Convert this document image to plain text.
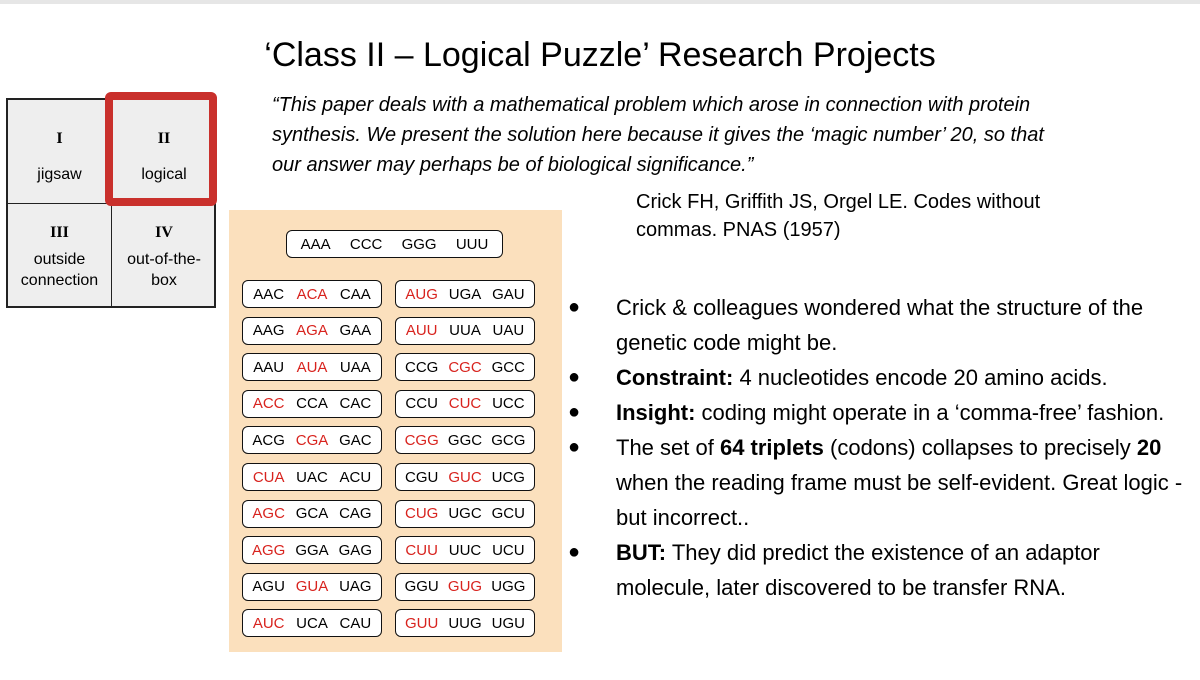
‘Class II – Logical Puzzle’ Research Projects
I
jigsaw
II
logical
III
outside
connection
IV
out-of-the-
box
“This paper deals with a mathematical problem which arose in connection with protein
synthesis. We present the solution here because it gives the ‘magic number’ 20, so that
our answer may perhaps be of biological significance.”
Crick FH, Griffith JS, Orgel LE. Codes without
commas. PNAS (1957)
AAA CCC GGG UUU
AAC ACA CAA
AAG AGA GAA
AAU AUA UAA
ACC CCA CAC
ACG CGA GAC
CUA UAC ACU
AGC GCA CAG
AGG GGA GAG
AGU GUA UAG
AUC UCA CAU
AUG UGA GAU
AUU UUA UAU
CCG CGC GCC
CCU CUC UCC
CGG GGC GCG
CGU GUC UCG
CUG UGC GCU
CUU UUC UCU
GGU GUG UGG
GUU UUG UGU
● Crick & colleagues wondered what the structure of the genetic code might be.
● Constraint: 4 nucleotides encode 20 amino acids.
● Insight: coding might operate in a ‘comma-free’ fashion.
● The set of 64 triplets (codons) collapses to precisely 20 when the reading frame must be self-evident. Great logic - but incorrect..
● BUT: They did predict the existence of an adaptor molecule, later discovered to be transfer RNA.
